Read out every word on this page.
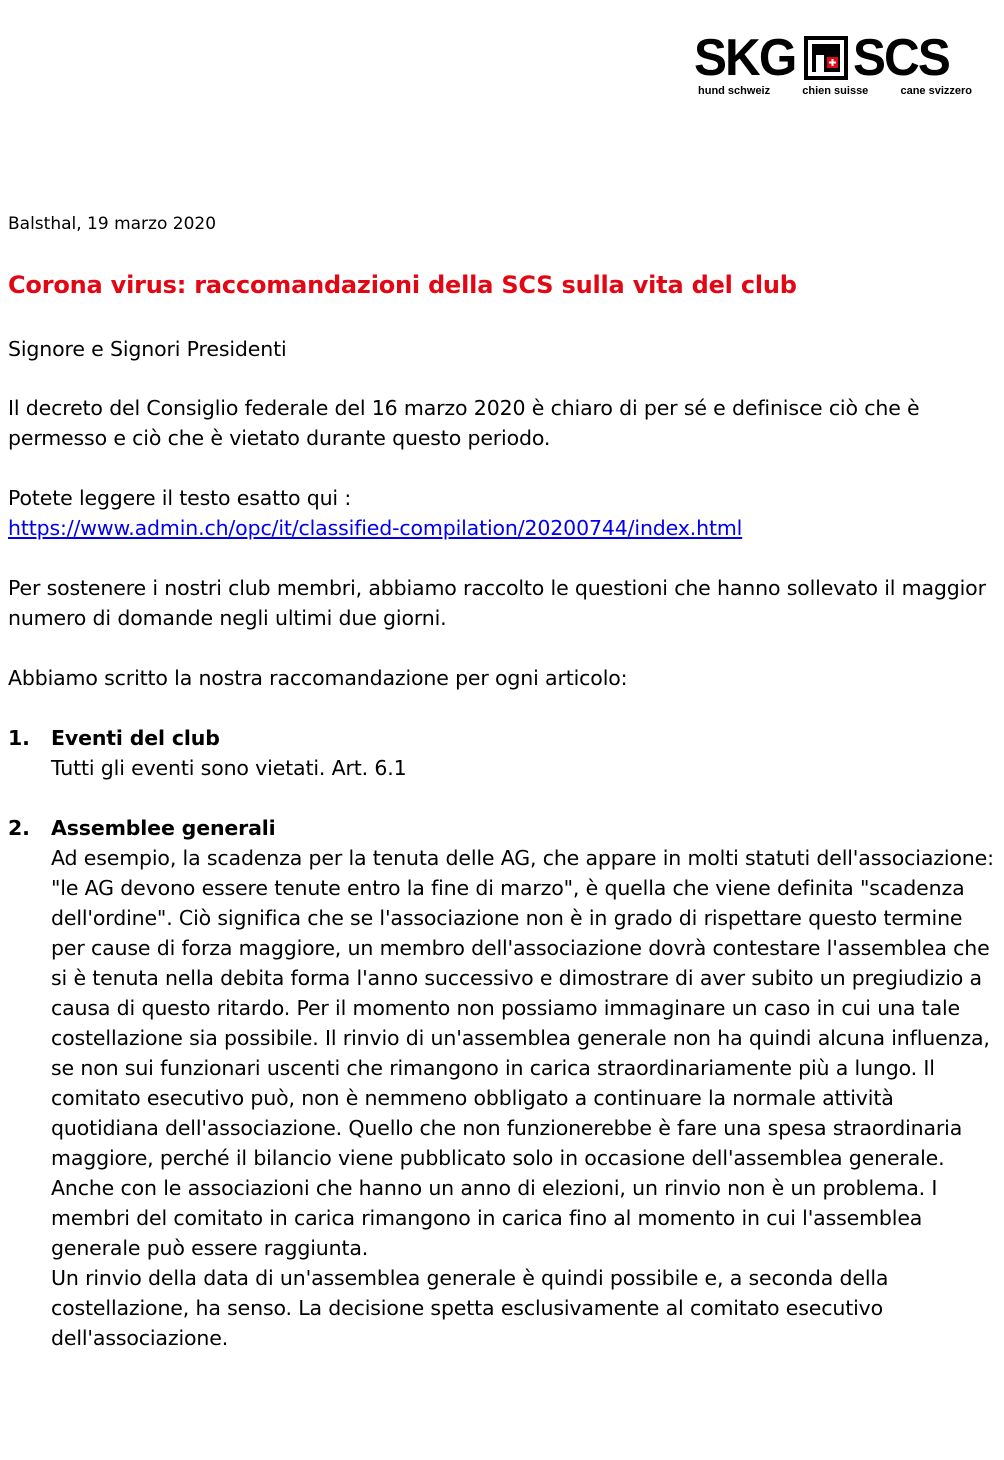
SKG SCS
hund schweiz	chien suisse	cane svizzero
Balsthal, 19 marzo 2020
Corona virus: raccomandazioni della SCS sulla vita del club
Signore e Signori Presidenti
Il decreto del Consiglio federale del 16 marzo 2020 è chiaro di per sé e definisce ciò che è permesso e ciò che è vietato durante questo periodo.
Potete leggere il testo esatto qui :
https://www.admin.ch/opc/it/classified-compilation/20200744/index.html
Per sostenere i nostri club membri, abbiamo raccolto le questioni che hanno sollevato il maggior numero di domande negli ultimi due giorni.
Abbiamo scritto la nostra raccomandazione per ogni articolo:
1. Eventi del club
Tutti gli eventi sono vietati. Art. 6.1
2. Assemblee generali
Ad esempio, la scadenza per la tenuta delle AG, che appare in molti statuti dell'associazione: "le AG devono essere tenute entro la fine di marzo", è quella che viene definita "scadenza dell'ordine". Ciò significa che se l'associazione non è in grado di rispettare questo termine per cause di forza maggiore, un membro dell'associazione dovrà contestare l'assemblea che si è tenuta nella debita forma l'anno successivo e dimostrare di aver subito un pregiudizio a causa di questo ritardo. Per il momento non possiamo immaginare un caso in cui una tale costellazione sia possibile. Il rinvio di un'assemblea generale non ha quindi alcuna influenza, se non sui funzionari uscenti che rimangono in carica straordinariamente più a lungo. Il comitato esecutivo può, non è nemmeno obbligato a continuare la normale attività quotidiana dell'associazione. Quello che non funzionerebbe è fare una spesa straordinaria maggiore, perché il bilancio viene pubblicato solo in occasione dell'assemblea generale. Anche con le associazioni che hanno un anno di elezioni, un rinvio non è un problema. I membri del comitato in carica rimangono in carica fino al momento in cui l'assemblea generale può essere raggiunta.
Un rinvio della data di un'assemblea generale è quindi possibile e, a seconda della costellazione, ha senso. La decisione spetta esclusivamente al comitato esecutivo dell'associazione.
